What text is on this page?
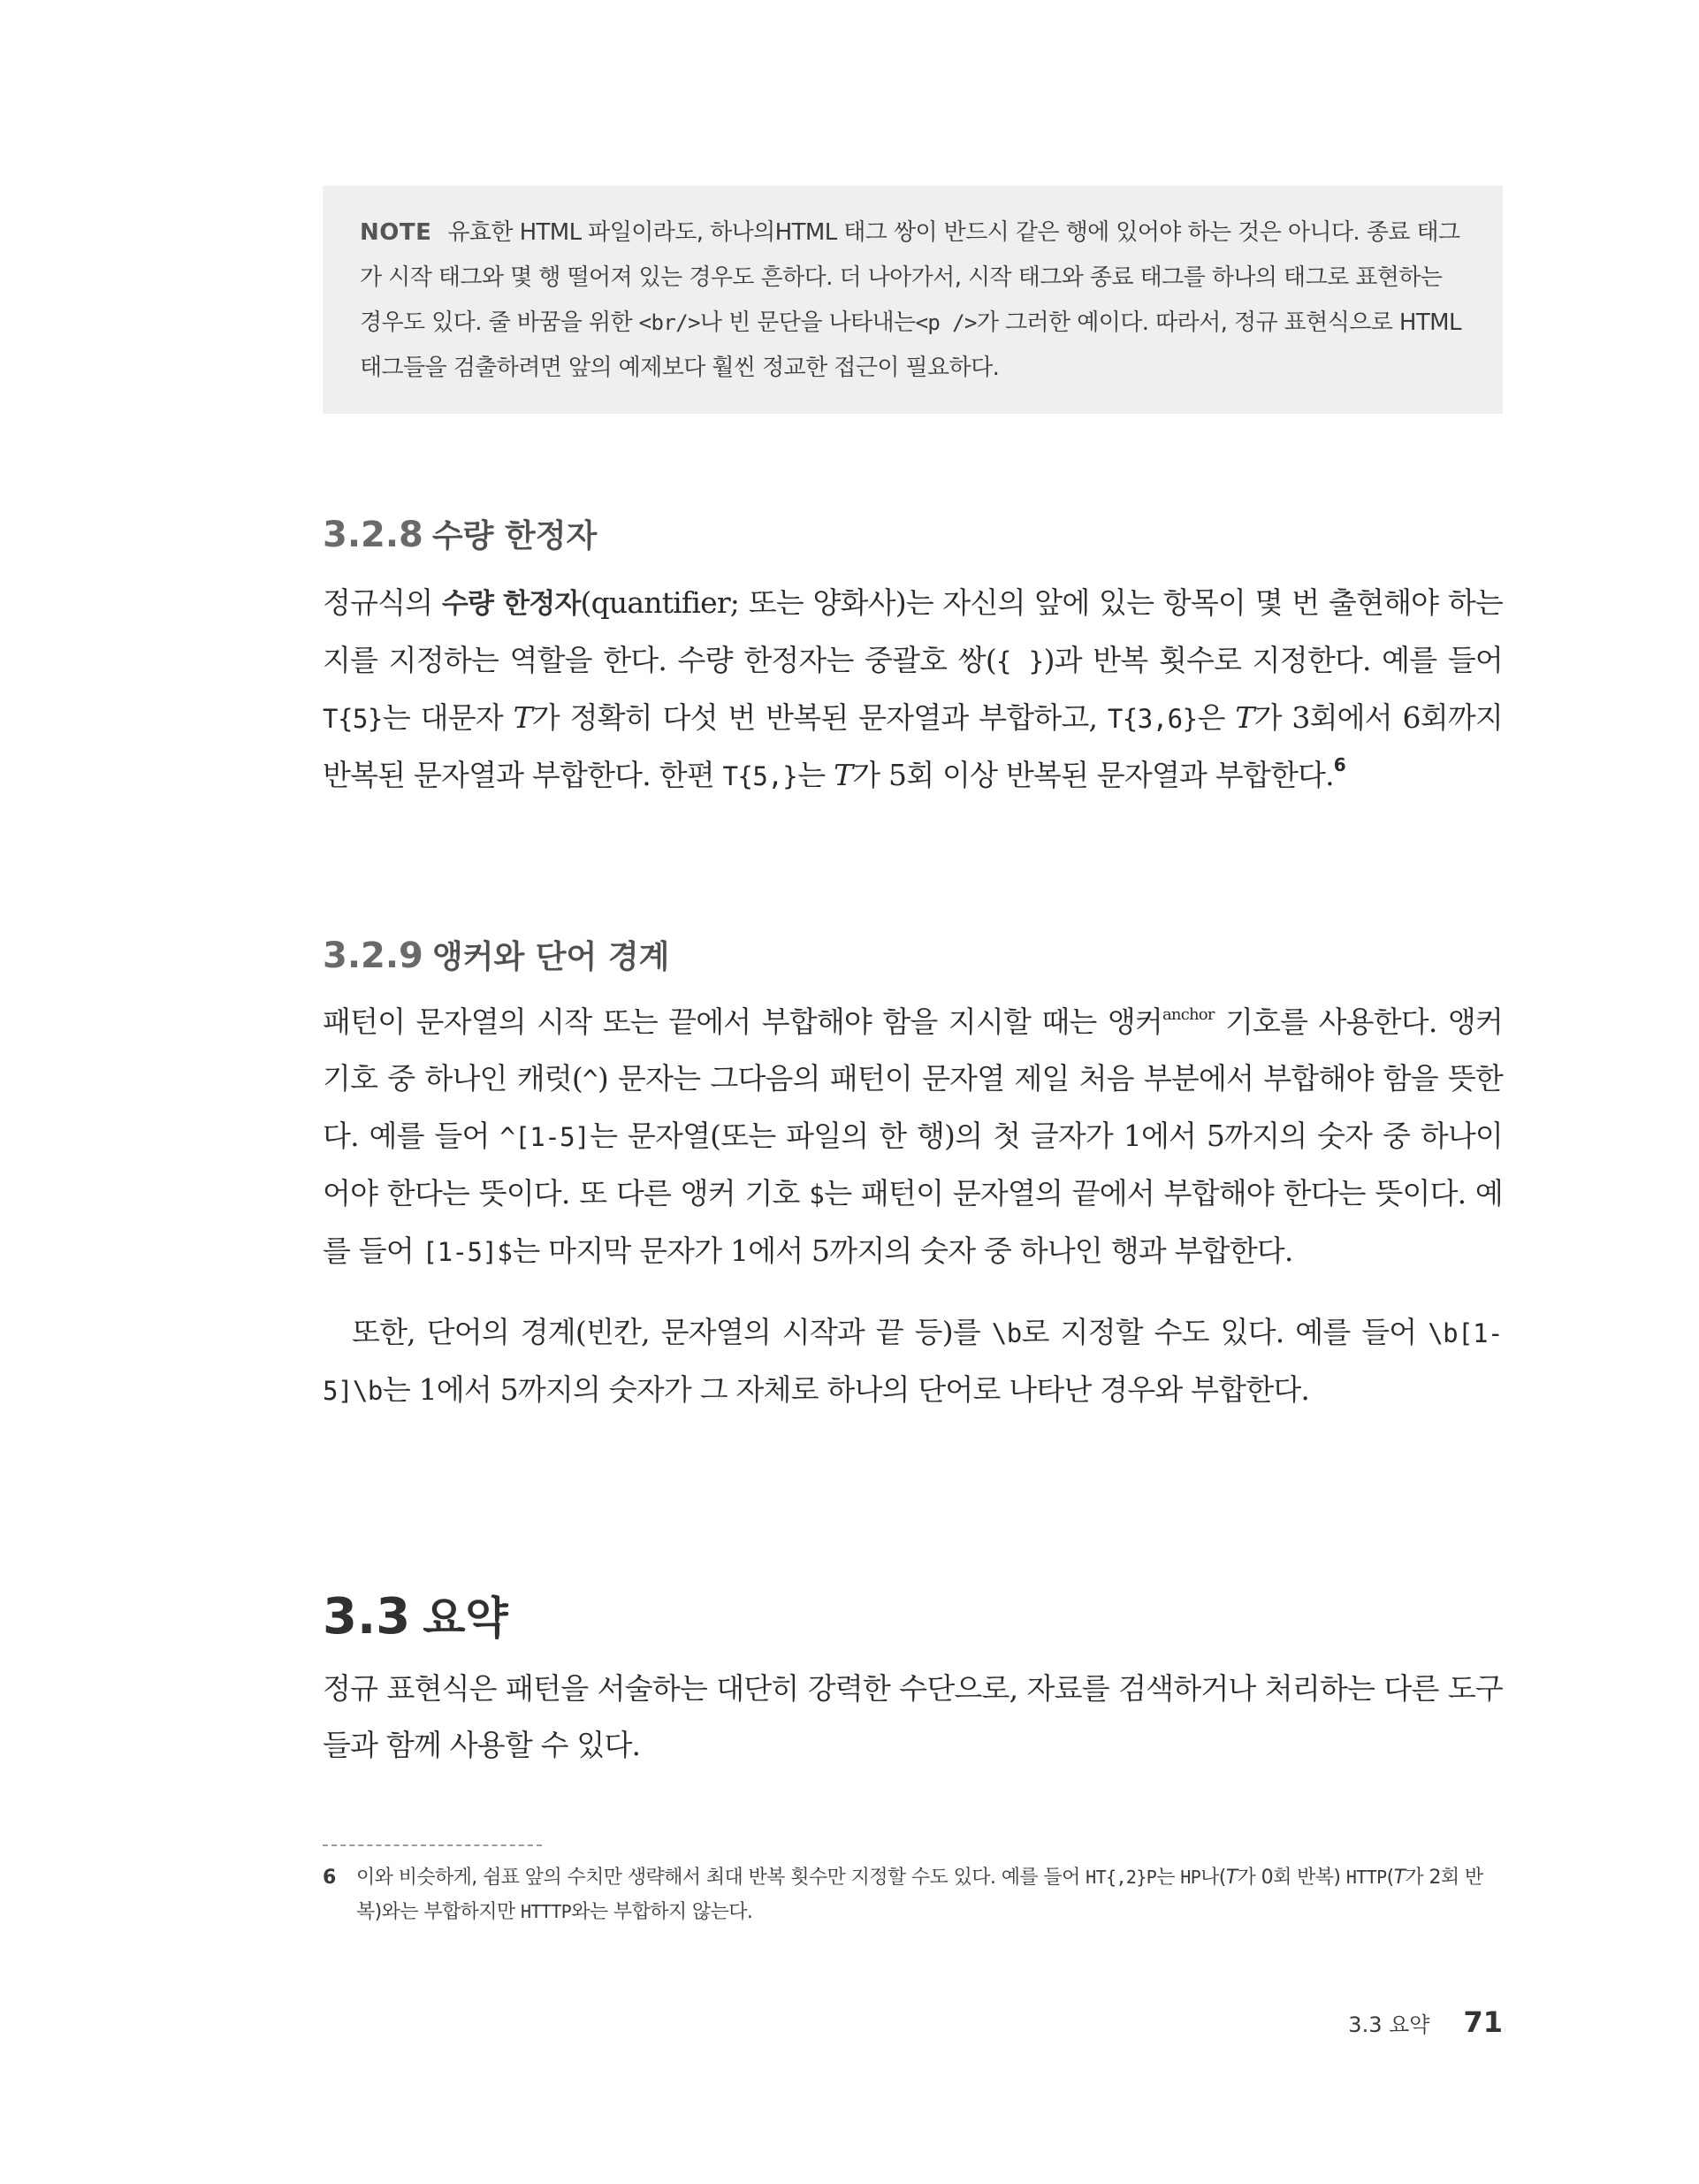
NOTE 유효한 HTML 파일이라도, 하나의HTML 태그 쌍이 반드시 같은 행에 있어야 하는 것은 아니다. 종료 태그가 시작 태그와 몇 행 떨어져 있는 경우도 흔하다. 더 나아가서, 시작 태그와 종료 태그를 하나의 태그로 표현하는 경우도 있다. 줄 바꿈을 위한 <br/>나 빈 문단을 나타내는<p />가 그러한 예이다. 따라서, 정규 표현식으로 HTML 태그들을 검출하려면 앞의 예제보다 훨씬 정교한 접근이 필요하다.
3.2.8 수량 한정자
정규식의 수량 한정자(quantifier; 또는 양화사)는 자신의 앞에 있는 항목이 몇 번 출현해야 하는지를 지정하는 역할을 한다. 수량 한정자는 중괄호 쌍({ })과 반복 횟수로 지정한다. 예를 들어 T{5}는 대문자 T가 정확히 다섯 번 반복된 문자열과 부합하고, T{3,6}은 T가 3회에서 6회까지 반복된 문자열과 부합한다. 한편 T{5,}는 T가 5회 이상 반복된 문자열과 부합한다.$^6$
3.2.9 앵커와 단어 경계
패턴이 문자열의 시작 또는 끝에서 부합해야 함을 지시할 때는 앵커$^{anchor}$ 기호를 사용한다. 앵커 기호 중 하나인 캐럿(^) 문자는 그다음의 패턴이 문자열 제일 처음 부분에서 부합해야 함을 뜻한다. 예를 들어 ^[1-5]는 문자열(또는 파일의 한 행)의 첫 글자가 1에서 5까지의 숫자 중 하나이어야 한다는 뜻이다. 또 다른 앵커 기호 $는 패턴이 문자열의 끝에서 부합해야 한다는 뜻이다. 예를 들어 [1-5]$는 마지막 문자가 1에서 5까지의 숫자 중 하나인 행과 부합한다.
또한, 단어의 경계(빈칸, 문자열의 시작과 끝 등)를 \b로 지정할 수도 있다. 예를 들어 \b[1-5]\b는 1에서 5까지의 숫자가 그 자체로 하나의 단어로 나타난 경우와 부합한다.
3.3 요약
정규 표현식은 패턴을 서술하는 대단히 강력한 수단으로, 자료를 검색하거나 처리하는 다른 도구들과 함께 사용할 수 있다.
6 이와 비슷하게, 쉼표 앞의 수치만 생략해서 최대 반복 횟수만 지정할 수도 있다. 예를 들어 HT{,2}P는 HP나(T가 0회 반복) HTTP(T가 2회 반복)와는 부합하지만 HTTTP와는 부합하지 않는다.
3.3 요약 71
